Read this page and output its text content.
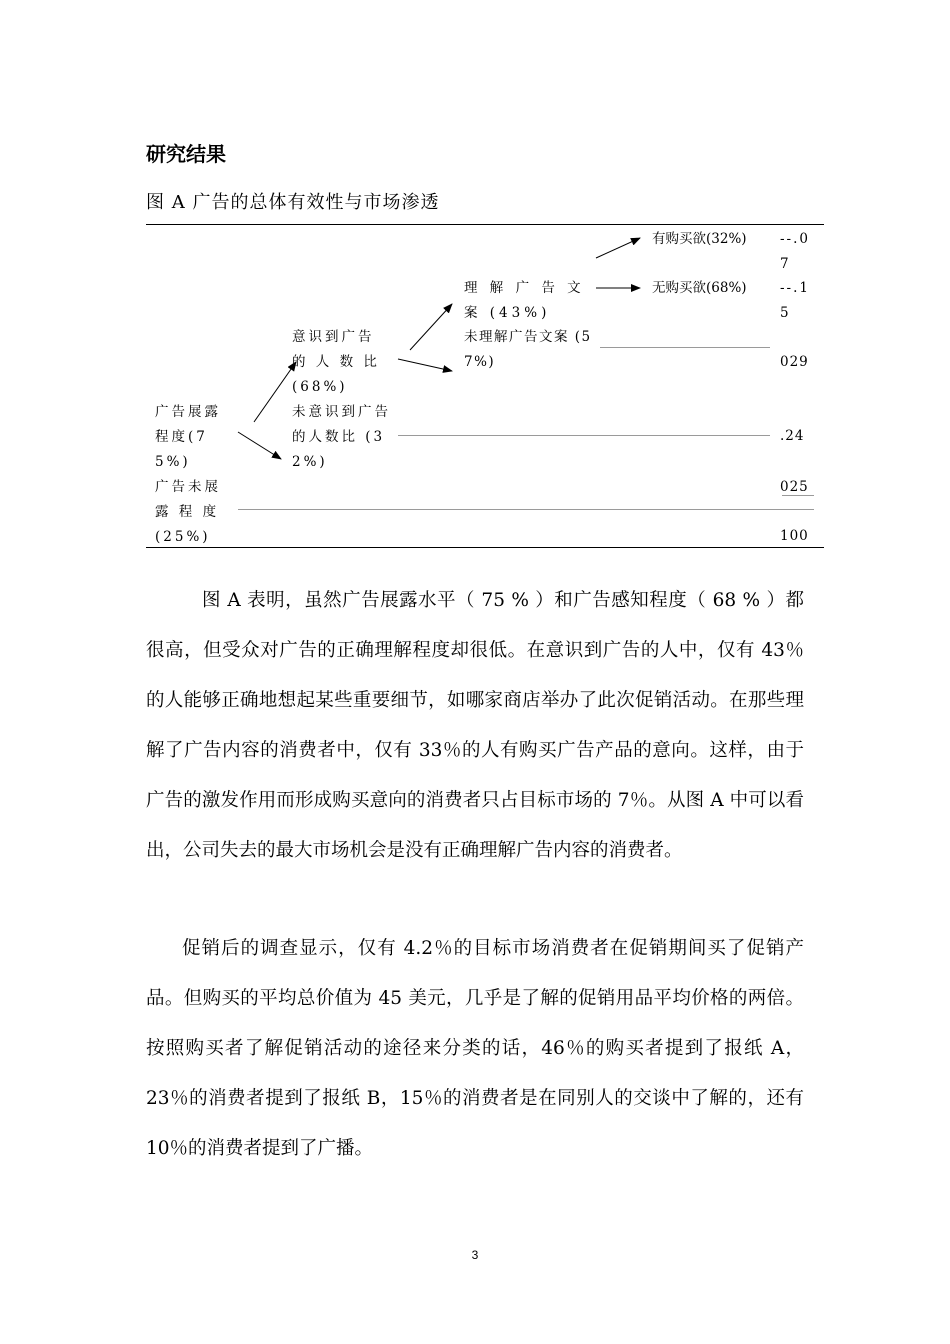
研究结果
图 A 广告的总体有效性与市场渗透
有购买欲(32%)
无购买欲(68%)
理 解 广 告 文 案 (43%)
未理解广告文案 (57%)
意识到广告 的 人 数 比 (68%)
未意识到广告的人数比 (32%)
广告展露程度(75%)
广告未展露 程 度 (25%)
--.07
--.15
029
.24
025
100

图 A 表明，虽然广告展露水平（ 75 % ）和广告感知程度（ 68 % ）都很高，但受众对广告的正确理解程度却很低。在意识到广告的人中，仅有 43％的人能够正确地想起某些重要细节，如哪家商店举办了此次促销活动。在那些理解了广告内容的消费者中，仅有 33％的人有购买广告产品的意向。这样，由于广告的激发作用而形成购买意向的消费者只占目标市场的 7％。从图 A 中可以看出，公司失去的最大市场机会是没有正确理解广告内容的消费者。

促销后的调查显示，仅有 4.2％的目标市场消费者在促销期间买了促销产品。但购买的平均总价值为 45 美元，几乎是了解的促销用品平均价格的两倍。按照购买者了解促销活动的途径来分类的话，46％的购买者提到了报纸 A，23％的消费者提到了报纸 B，15％的消费者是在同别人的交谈中了解的，还有 10％的消费者提到了广播。

3
